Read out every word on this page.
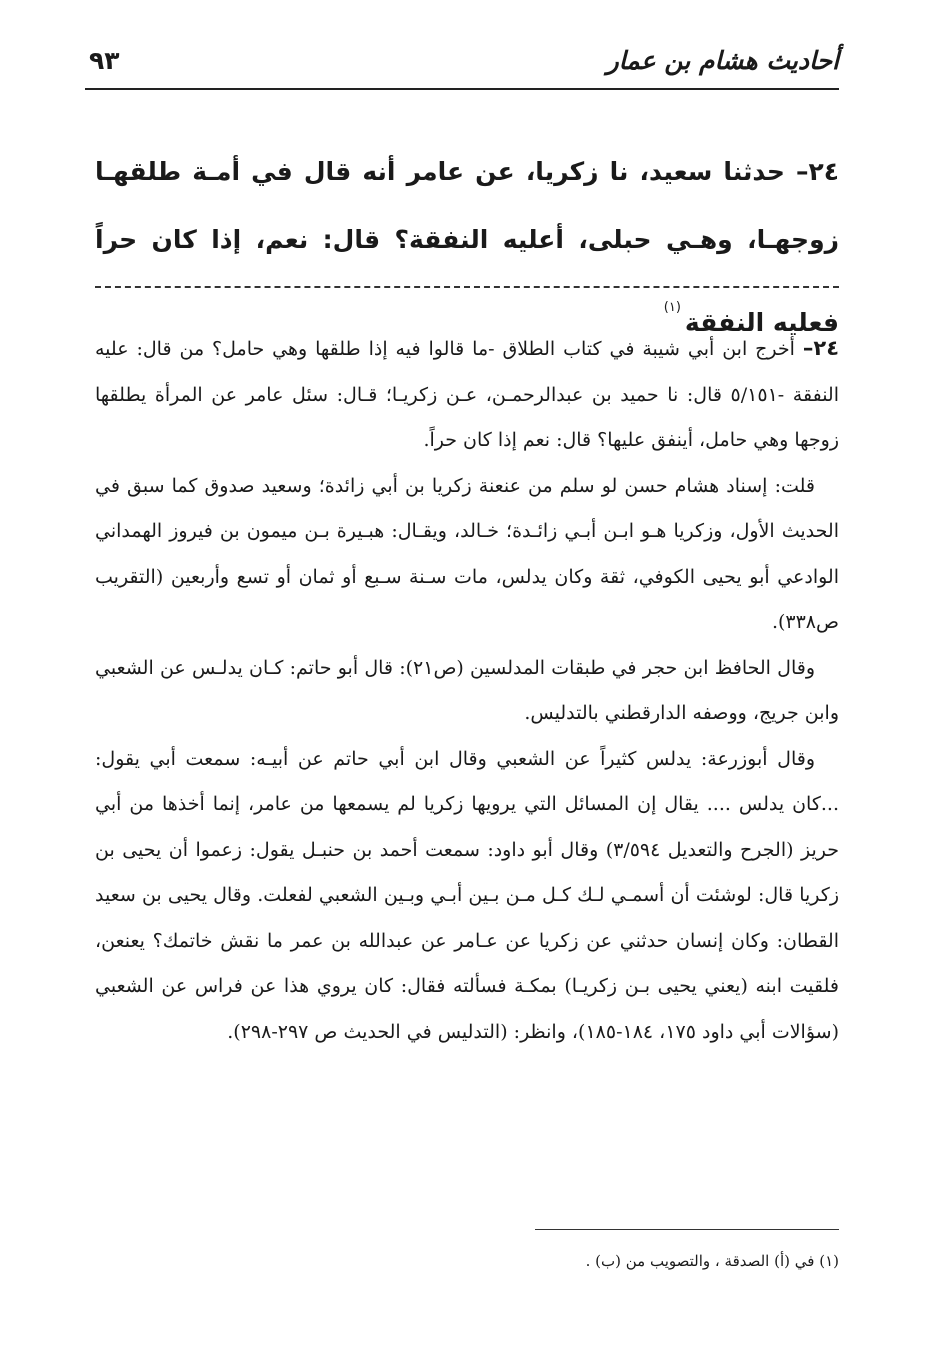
أحاديث هشام بن عمار
٩٣
٢٤– حدثنا سعيد، نا زكريا، عن عامر أنه قال في أمـة طلقهـا زوجهـا، وهـي حبلى، أعليه النفقة؟ قال: نعم، إذا كان حراً فعليه النفقة$^{(١)}$

٢٤– أخرج ابن أبي شيبة في كتاب الطلاق -ما قالوا فيه إذا طلقها وهي حامل؟ من قال: عليه النفقة -٥/١٥١ قال: نا حميد بن عبدالرحمـن، عـن زكريـا؛ قـال: سئل عامر عن المرأة يطلقها زوجها وهي حامل، أينفق عليها؟ قال: نعم إذا كان حراً.

قلت: إسناد هشام حسن لو سلم من عنعنة زكريا بن أبي زائدة؛ وسعيد صدوق كما سبق في الحديث الأول، وزكريا هـو ابـن أبـي زائـدة؛ خـالد، ويقـال: هبـيرة بـن ميمون بن فيروز الهمداني الوادعي أبو يحيى الكوفي، ثقة وكان يدلس، مات سـنة سـبع أو ثمان أو تسع وأربعين (التقريب ص٣٣٨).

وقال الحافظ ابن حجر في طبقات المدلسين (ص٢١): قال أبو حاتم: كـان يدلـس عن الشعبي وابن جريج، ووصفه الدارقطني بالتدليس.

وقال أبوزرعة: يدلس كثيراً عن الشعبي وقال ابن أبي حاتم عن أبيـه: سمعت أبي يقول: ...كان يدلس .... يقال إن المسائل التي يرويها زكريا لم يسمعها من عامر، إنما أخذها من أبي حريز (الجرح والتعديل ٣/٥٩٤) وقال أبو داود: سمعت أحمد بن حنبـل يقول: زعموا أن يحيى بن زكريا قال: لوشئت أن أسمـي لـك كـل مـن بـين أبـي وبـين الشعبي لفعلت. وقال يحيى بن سعيد القطان: وكان إنسان حدثني عن زكريا عن عـامر عن عبدالله بن عمر ما نقش خاتمك؟ يعنعن، فلقيت ابنه (يعني يحيى بـن زكريـا) بمكـة فسألته فقال: كان يروي هذا عن فراس عن الشعبي (سؤالات أبي داود ١٧٥، ١٨٤-١٨٥)، وانظر: (التدليس في الحديث ص ٢٩٧-٢٩٨).

(١) في (أ) الصدقة ، والتصويب من (ب) .
